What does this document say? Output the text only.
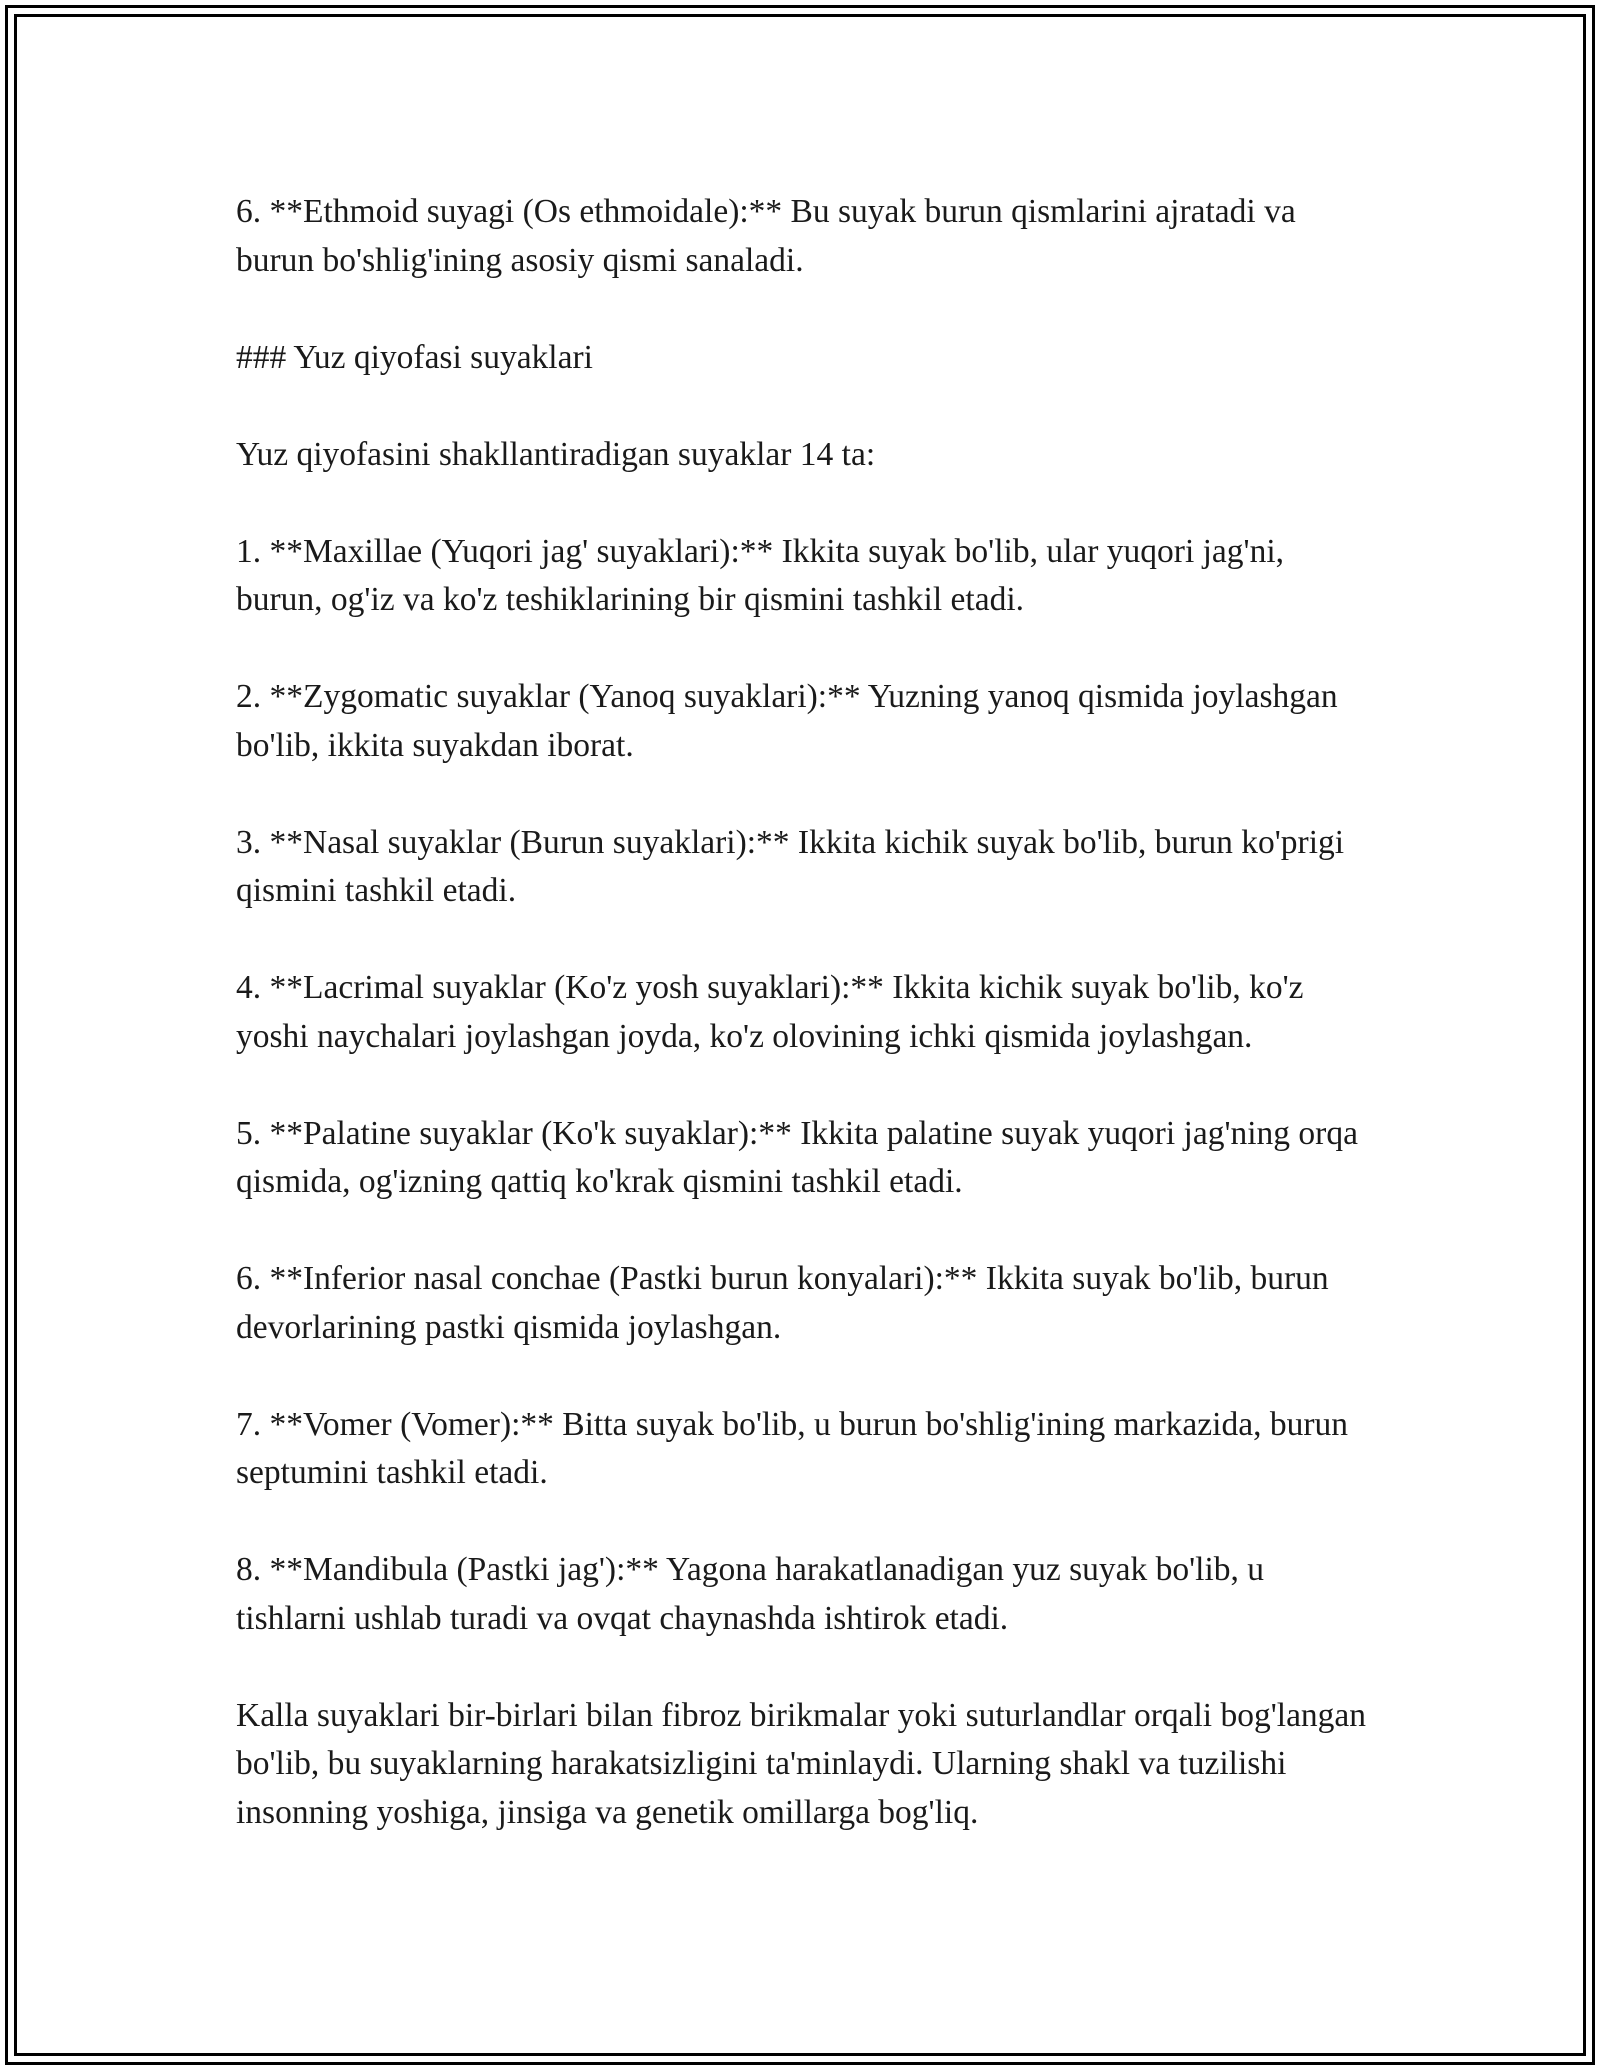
6. **Ethmoid suyagi (Os ethmoidale):** Bu suyak burun qismlarini ajratadi va burun bo'shlig'ining asosiy qismi sanaladi.

### Yuz qiyofasi suyaklari

Yuz qiyofasini shakllantiradigan suyaklar 14 ta:

1. **Maxillae (Yuqori jag' suyaklari):** Ikkita suyak bo'lib, ular yuqori jag'ni, burun, og'iz va ko'z teshiklarining bir qismini tashkil etadi.

2. **Zygomatic suyaklar (Yanoq suyaklari):** Yuzning yanoq qismida joylashgan bo'lib, ikkita suyakdan iborat.

3. **Nasal suyaklar (Burun suyaklari):** Ikkita kichik suyak bo'lib, burun ko'prigi qismini tashkil etadi.

4. **Lacrimal suyaklar (Ko'z yosh suyaklari):** Ikkita kichik suyak bo'lib, ko'z yoshi naychalari joylashgan joyda, ko'z olovining ichki qismida joylashgan.

5. **Palatine suyaklar (Ko'k suyaklar):** Ikkita palatine suyak yuqori jag'ning orqa qismida, og'izning qattiq ko'krak qismini tashkil etadi.

6. **Inferior nasal conchae (Pastki burun konyalari):** Ikkita suyak bo'lib, burun devorlarining pastki qismida joylashgan.

7. **Vomer (Vomer):** Bitta suyak bo'lib, u burun bo'shlig'ining markazida, burun septumini tashkil etadi.

8. **Mandibula (Pastki jag'):** Yagona harakatlanadigan yuz suyak bo'lib, u tishlarni ushlab turadi va ovqat chaynashda ishtirok etadi.

Kalla suyaklari bir-birlari bilan fibroz birikmalar yoki suturlandlar orqali bog'langan bo'lib, bu suyaklarning harakatsizligini ta'minlaydi. Ularning shakl va tuzilishi insonning yoshiga, jinsiga va genetik omillarga bog'liq.
